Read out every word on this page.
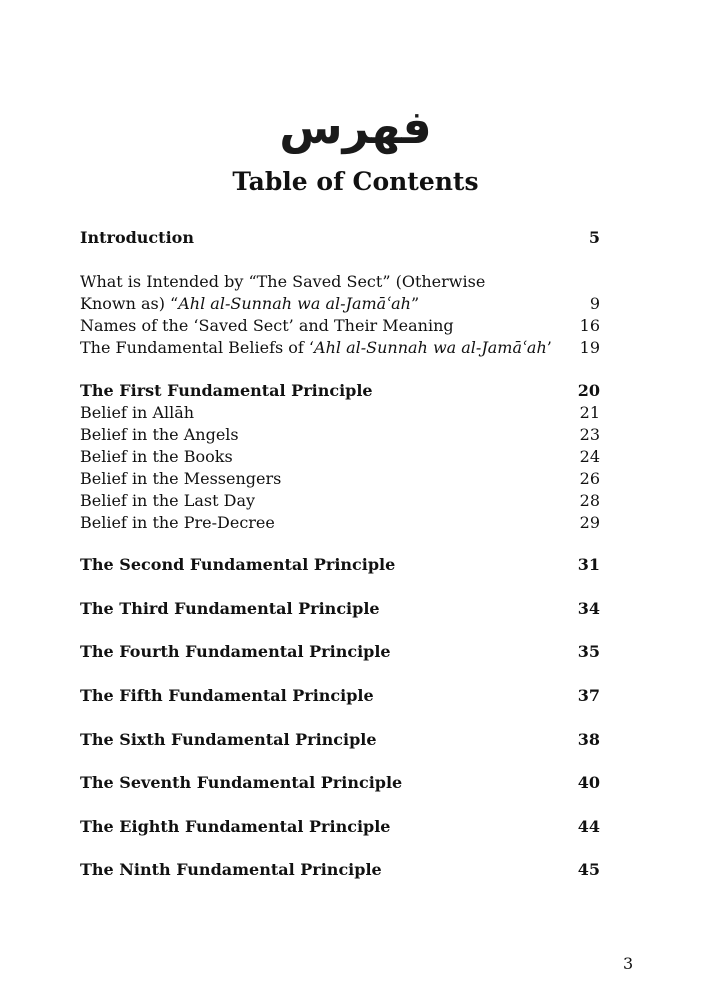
فهرس
Table of Contents
Introduction	5
What is Intended by “The Saved Sect” (Otherwise
Known as) “Ahl al-Sunnah wa al-Jamāʿah”	9
Names of the ‘Saved Sect’ and Their Meaning	16
The Fundamental Beliefs of ‘Ahl al-Sunnah wa al-Jamāʿah’ 19
The First Fundamental Principle	20
Belief in Allāh	21
Belief in the Angels	23
Belief in the Books	24
Belief in the Messengers	26
Belief in the Last Day	28
Belief in the Pre-Decree	29
The Second Fundamental Principle	31
The Third Fundamental Principle	34
The Fourth Fundamental Principle	35
The Fifth Fundamental Principle	37
The Sixth Fundamental Principle	38
The Seventh Fundamental Principle	40
The Eighth Fundamental Principle	44
The Ninth Fundamental Principle	45
3
